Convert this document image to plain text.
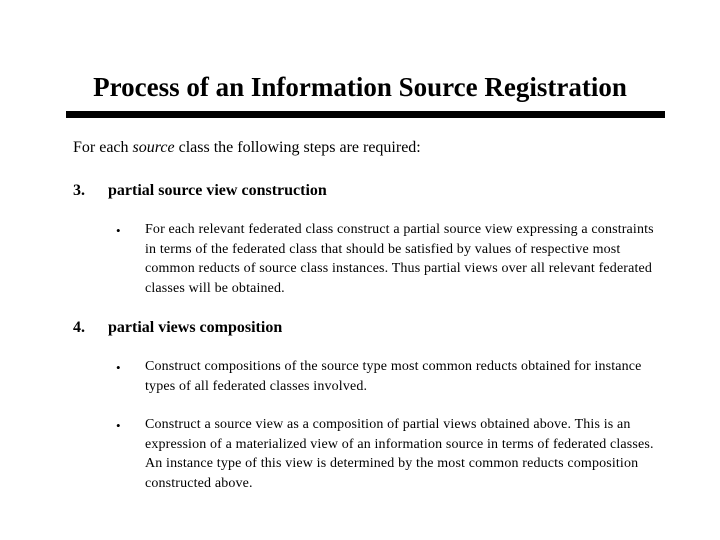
Process of an Information Source Registration
For each source class the following steps are required:
3. partial source view construction
• For each relevant federated class construct a partial source view expressing a constraints in terms of the federated class that should be satisfied by values of respective most common reducts of source class instances. Thus partial views over all relevant federated classes will be obtained.
4. partial views composition
• Construct compositions of the source type most common reducts obtained for instance types of all federated classes involved.
• Construct a source view as a composition of partial views obtained above. This is an expression of a materialized view of an information source in terms of federated classes. An instance type of this view is determined by the most common reducts composition constructed above.
